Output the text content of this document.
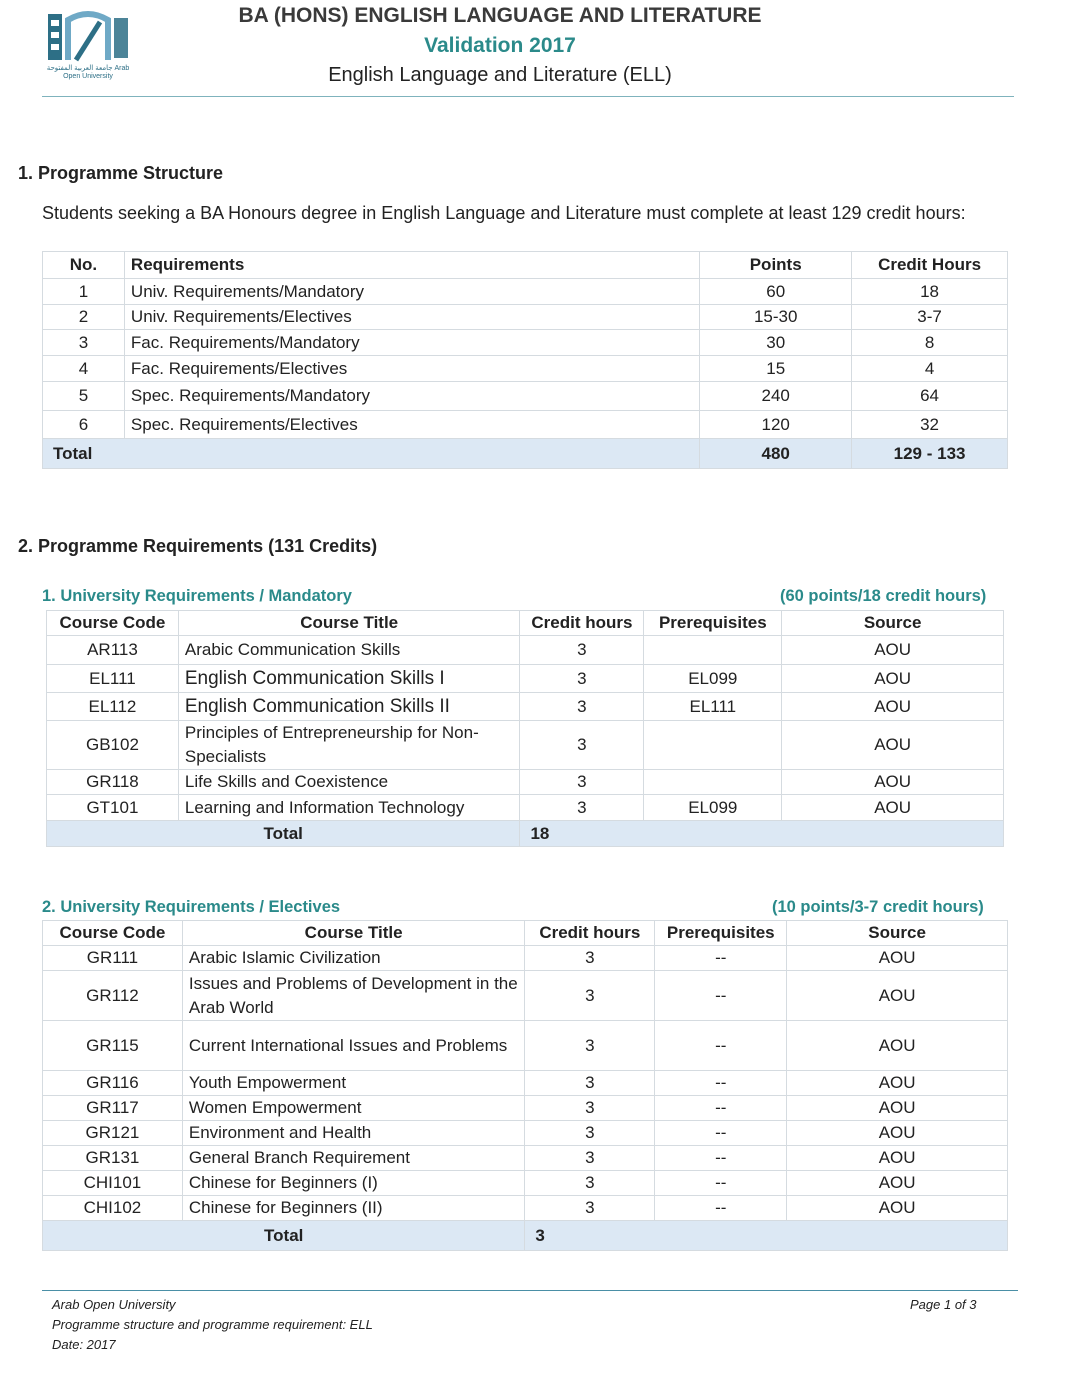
جامعة العربية المفتوحة Arab Open University
BA (HONS) ENGLISH LANGUAGE AND LITERATURE
Validation 2017
English Language and Literature (ELL)
1. Programme Structure
Students seeking a BA Honours degree in English Language and Literature must complete at least 129 credit hours:
No.	Requirements	Points	Credit Hours
1	Univ. Requirements/Mandatory	60	18
2	Univ. Requirements/Electives	15-30	3-7
3	Fac. Requirements/Mandatory	30	8
4	Fac. Requirements/Electives	15	4
5	Spec. Requirements/Mandatory	240	64
6	Spec. Requirements/Electives	120	32
Total		480	129 - 133
2. Programme Requirements (131 Credits)
1. University Requirements / Mandatory	(60 points/18 credit hours)
Course Code	Course Title	Credit hours	Prerequisites	Source
AR113	Arabic Communication Skills	3		AOU
EL111	English Communication Skills I	3	EL099	AOU
EL112	English Communication Skills II	3	EL111	AOU
GB102	Principles of Entrepreneurship for Non-Specialists	3		AOU
GR118	Life Skills and Coexistence	3		AOU
GT101	Learning and Information Technology	3	EL099	AOU
Total		18		
2. University Requirements / Electives	(10 points/3-7 credit hours)
Course Code	Course Title	Credit hours	Prerequisites	Source
GR111	Arabic Islamic Civilization	3	--	AOU
GR112	Issues and Problems of Development in the Arab World	3	--	AOU
GR115	Current International Issues and Problems	3	--	AOU
GR116	Youth Empowerment	3	--	AOU
GR117	Women Empowerment	3	--	AOU
GR121	Environment and Health	3	--	AOU
GR131	General Branch Requirement	3	--	AOU
CHI101	Chinese for Beginners (I)	3	--	AOU
CHI102	Chinese for Beginners (II)	3	--	AOU
Total		3		
Arab Open University
Programme structure and programme requirement: ELL
Date: 2017
Page 1 of 3
